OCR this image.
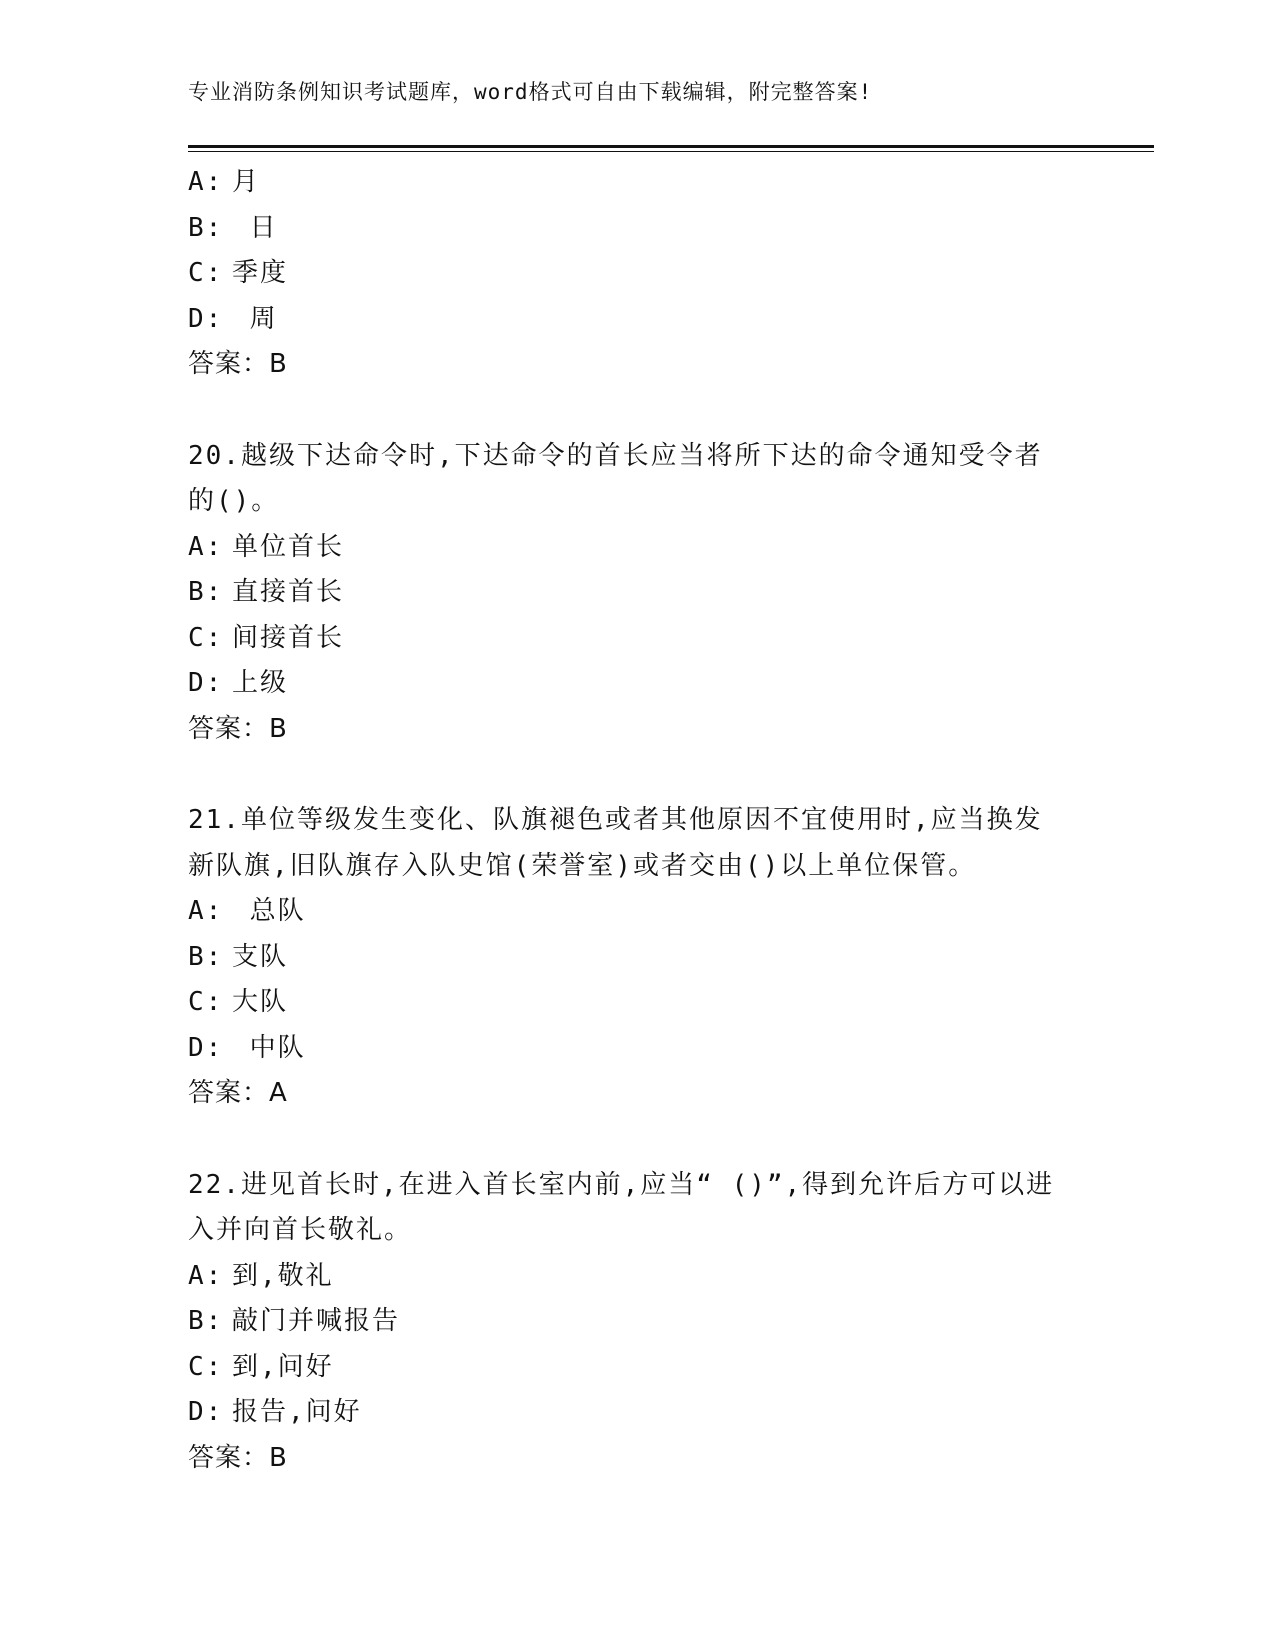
专业消防条例知识考试题库，word格式可自由下载编辑，附完整答案!
A: 月
B: 日
C: 季度
D: 周
答案：B
20.越级下达命令时,下达命令的首长应当将所下达的命令通知受令者
的()。
A: 单位首长
B: 直接首长
C: 间接首长
D: 上级
答案：B
21.单位等级发生变化、队旗褪色或者其他原因不宜使用时,应当换发
新队旗,旧队旗存入队史馆(荣誉室)或者交由()以上单位保管。
A: 总队
B: 支队
C: 大队
D: 中队
答案：A
22.进见首长时,在进入首长室内前,应当“ ()”,得到允许后方可以进
入并向首长敬礼。
A: 到,敬礼
B: 敲门并喊报告
C: 到,问好
D: 报告,问好
答案：B
